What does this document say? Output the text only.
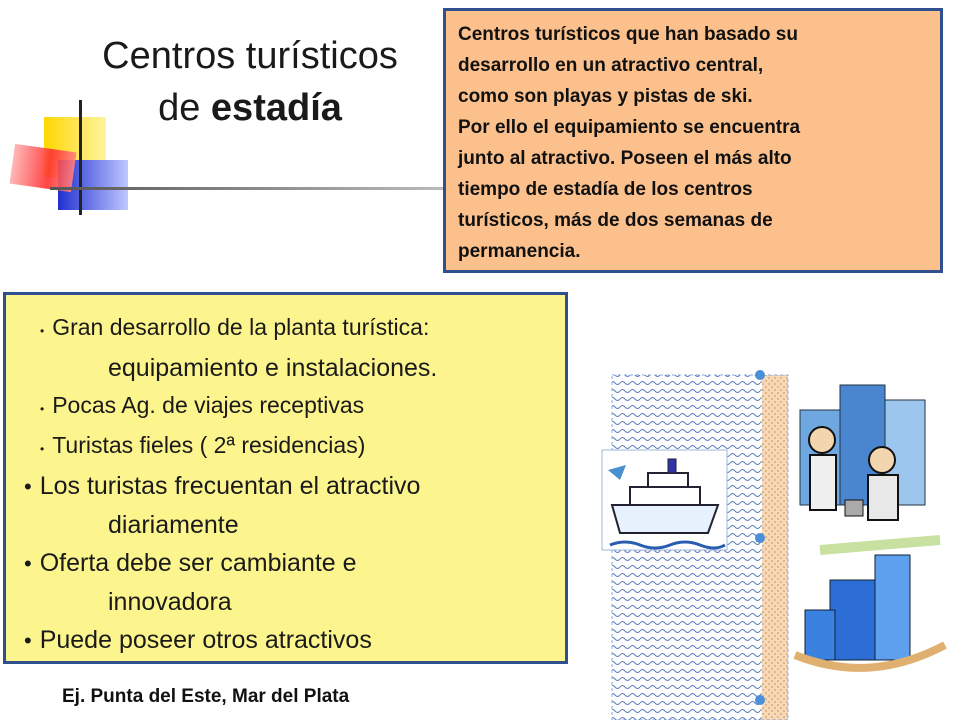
Centros turísticos
de estadía
Centros turísticos que han basado su
desarrollo en un atractivo central,
como son playas y pistas de ski.
Por ello el equipamiento se encuentra
junto al atractivo. Poseen el más alto
tiempo de estadía de los centros
turísticos, más de dos semanas de
permanencia.
• Gran desarrollo de la planta turística:
equipamiento e instalaciones.
• Pocas Ag. de viajes receptivas
• Turistas fieles ( 2ª residencias)
• Los turistas frecuentan el atractivo
diariamente
• Oferta debe ser cambiante e
innovadora
• Puede poseer otros atractivos
Ej. Punta del Este, Mar del Plata
